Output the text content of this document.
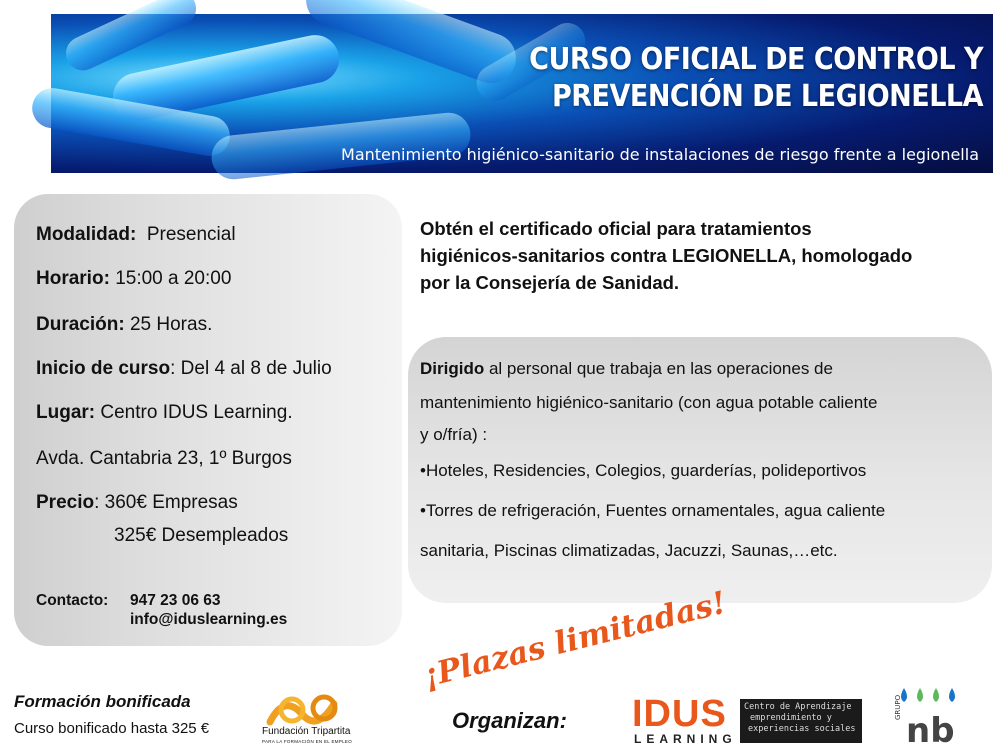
CURSO OFICIAL DE CONTROL Y
PREVENCIÓN DE LEGIONELLA
Mantenimiento higiénico-sanitario de instalaciones de riesgo frente a legionella
Modalidad: Presencial
Horario: 15:00 a 20:00
Duración: 25 Horas.
Inicio de curso: Del 4 al 8 de Julio
Lugar: Centro IDUS Learning.
Avda. Cantabria 23, 1º Burgos
Precio: 360€ Empresas
325€ Desempleados
Contacto: 947 23 06 63
info@iduslearning.es
Obtén el certificado oficial para tratamientos
higiénicos-sanitarios contra LEGIONELLA, homologado
por la Consejería de Sanidad.
Dirigido al personal que trabaja en las operaciones de
mantenimiento higiénico-sanitario (con agua potable caliente
y o/fría) :
•Hoteles, Residencies, Colegios, guarderías, polideportivos
•Torres de refrigeración, Fuentes ornamentales, agua caliente
sanitaria, Piscinas climatizadas, Jacuzzi, Saunas,…etc.
¡Plazas limitadas!
Formación bonificada
Curso bonificado hasta 325 €	Fundación Tripartita
PARA LA FORMACIÓN EN EL EMPLEO
Organizan: IDUS
LEARNING
Centro de Aprendizaje
emprendimiento y
experiencias sociales
GRUPO
nb
